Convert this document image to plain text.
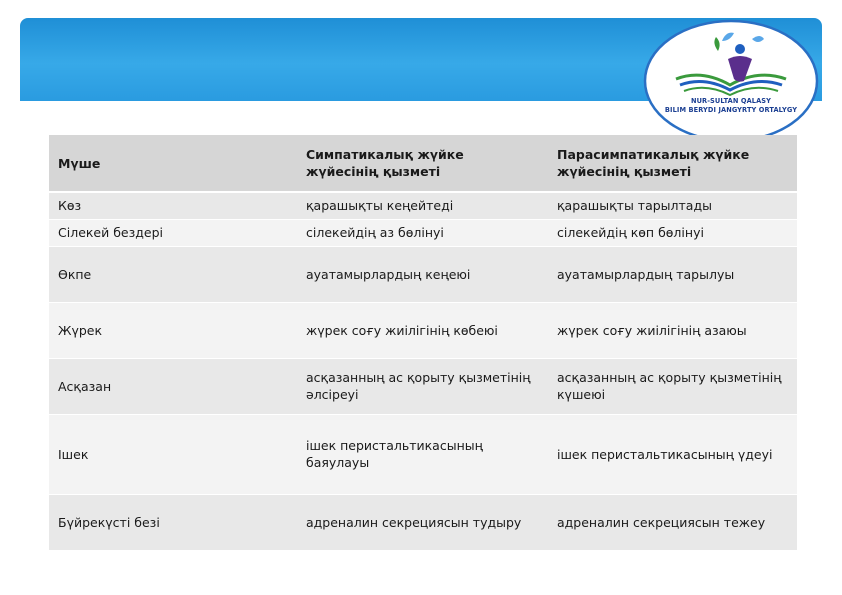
NUR-SULTAN QALASY
BILIM BERYDI JANGYRTY ORTALYGY
Мүше	Симпатикалық жүйке жүйесінің қызметі	Парасимпатикалық жүйке жүйесінің қызметі
Көз	қарашықты кеңейтеді	қарашықты тарылтады
Сілекей бездері	сілекейдің аз бөлінуі	сілекейдің көп бөлінуі
Өкпе	ауатамырлардың кеңеюі	ауатамырлардың тарылуы
Жүрек	жүрек соғу жиілігінің көбеюі	жүрек соғу жиілігінің азаюы
Асқазан	асқазанның ас қорыту қызметінің әлсіреуі	асқазанның ас қорыту қызметінің күшеюі
Ішек	ішек перистальтикасының баяулауы	ішек перистальтикасының үдеуі
Бүйрекүсті безі	адреналин секрециясын тудыру	адреналин секрециясын тежеу
